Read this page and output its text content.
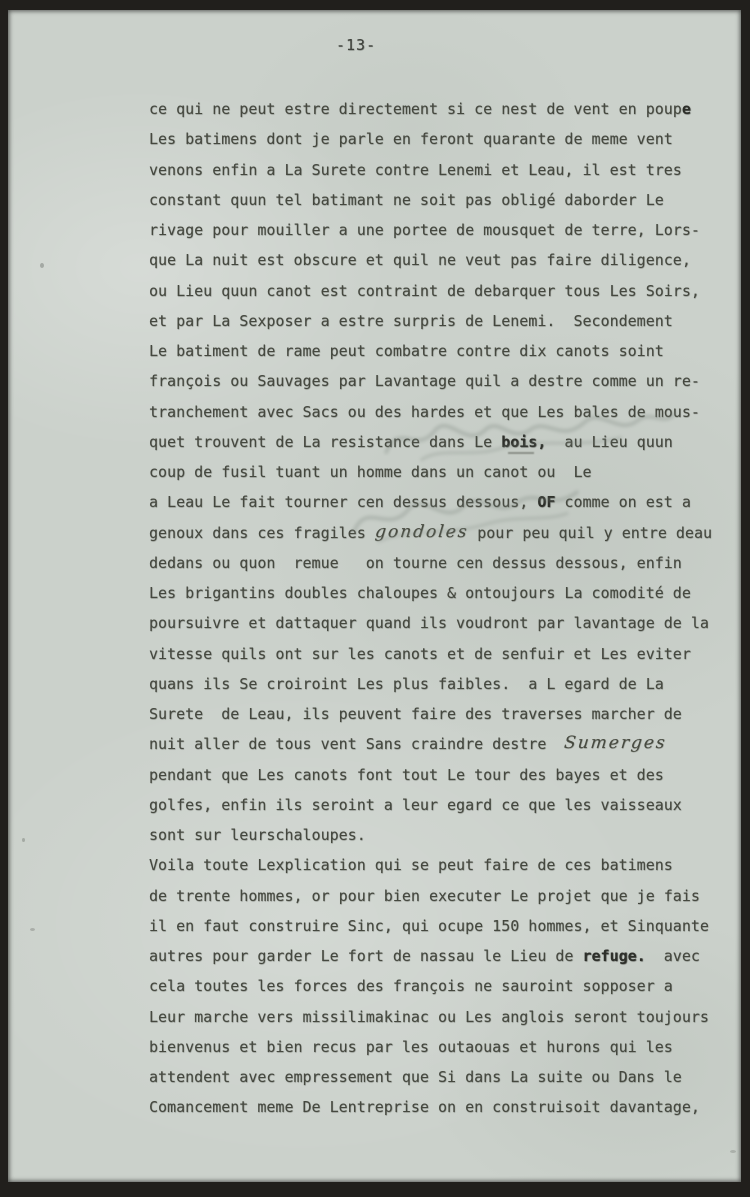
-13-
ce qui ne peut estre directement si ce nest de vent en poupe
Les batimens dont je parle en feront quarante de meme vent
venons enfin a La Surete contre Lenemi et Leau, il est tres
constant quun tel batimant ne soit pas obligé daborder Le
rivage pour mouiller a une portee de mousquet de terre, Lors-
que La nuit est obscure et quil ne veut pas faire diligence,
ou Lieu quun canot est contraint de debarquer tous Les Soirs,
et par La Sexposer a estre surpris de Lenemi.  Secondement
Le batiment de rame peut combatre contre dix canots soint
françois ou Sauvages par Lavantage quil a destre comme un re-
tranchement avec Sacs ou des hardes et que Les bales de mous-
quet trouvent de La resistance dans Le bois,  au Lieu quun
coup de fusil tuant un homme dans un canot ou  Le
a Leau Le fait tourner cen dessus dessous, OF comme on est a
genoux dans ces fragiles gondoles pour peu quil y entre deau
dedans ou quon  remue   on tourne cen dessus dessous, enfin
Les brigantins doubles chaloupes & ontoujours La comodité de
poursuivre et dattaquer quand ils voudront par lavantage de la
vitesse quils ont sur les canots et de senfuir et Les eviter
quans ils Se croiroint Les plus faibles.  a L egard de La
Surete  de Leau, ils peuvent faire des traverses marcher de
nuit aller de tous vent Sans craindre destre  Sumerges
pendant que Les canots font tout Le tour des bayes et des
golfes, enfin ils seroint a leur egard ce que les vaisseaux
sont sur leurschaloupes.
Voila toute Lexplication qui se peut faire de ces batimens
de trente hommes, or pour bien executer Le projet que je fais
il en faut construire Sinc, qui ocupe 150 hommes, et Sinquante
autres pour garder Le fort de nassau le Lieu de refuge.  avec
cela toutes les forces des françois ne sauroint sopposer a
Leur marche vers missilimakinac ou Les anglois seront toujours
bienvenus et bien recus par les outaouas et hurons qui les
attendent avec empressement que Si dans La suite ou Dans le
Comancement meme De Lentreprise on en construisoit davantage,
